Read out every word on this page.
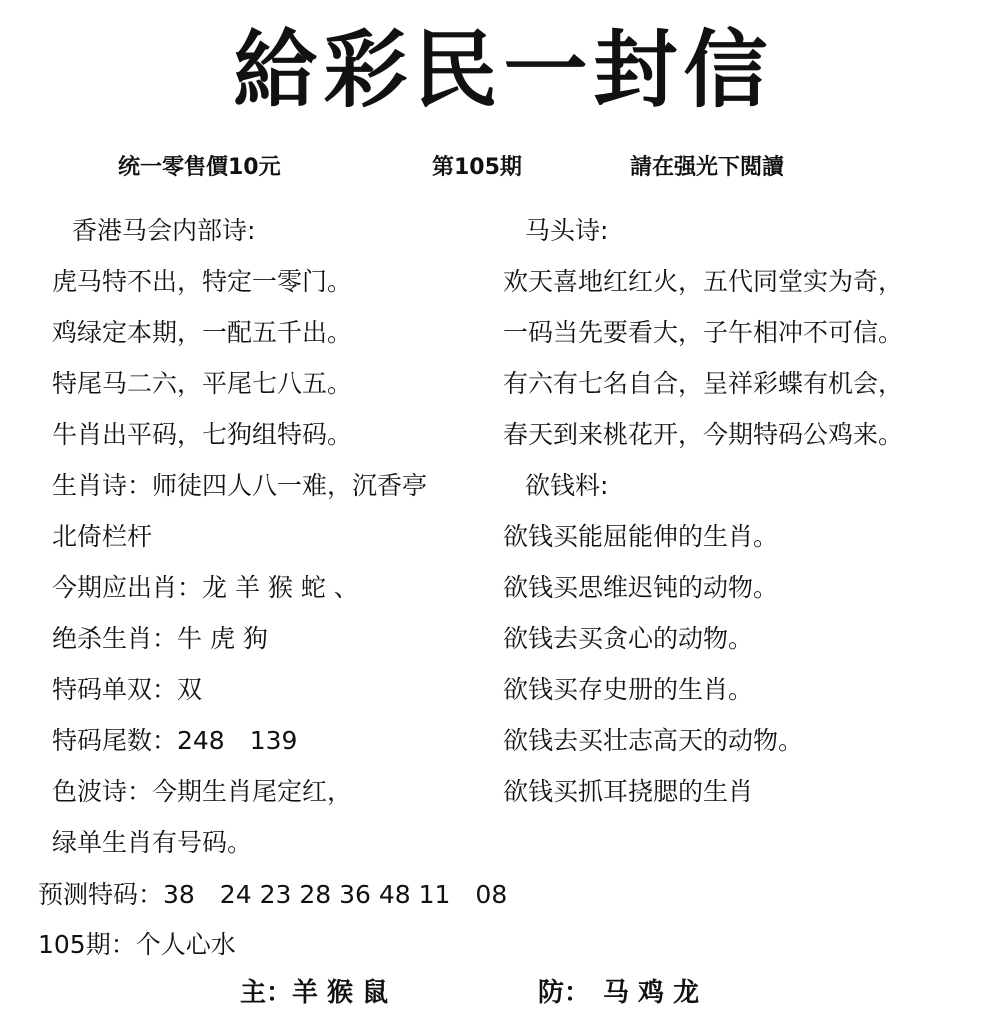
給彩民一封信
统一零售價10元	第105期	請在强光下閲讀
香港马会内部诗:
虎马特不出，特定一零门。
鸡绿定本期，一配五千出。
特尾马二六，平尾七八五。
牛肖出平码，七狗组特码。
生肖诗：师徒四人八一难，沉香亭
北倚栏杆
今期应出肖：龙 羊 猴 蛇 、
绝杀生肖：牛 虎 狗
特码单双：双
特码尾数：248　139
色波诗：今期生肖尾定红，
绿单生肖有号码。
马头诗:
欢天喜地红红火，五代同堂实为奇，
一码当先要看大，子午相冲不可信。
有六有七名自合，呈祥彩蝶有机会，
春天到来桃花开，今期特码公鸡来。
欲钱料:
欲钱买能屈能伸的生肖。
欲钱买思维迟钝的动物。
欲钱去买贪心的动物。
欲钱买存史册的生肖。
欲钱去买壮志高天的动物。
欲钱买抓耳挠腮的生肖
预测特码：38　24 23 28 36 48 11　08
105期：个人心水
主：羊 猴 鼠	防：　马 鸡 龙
